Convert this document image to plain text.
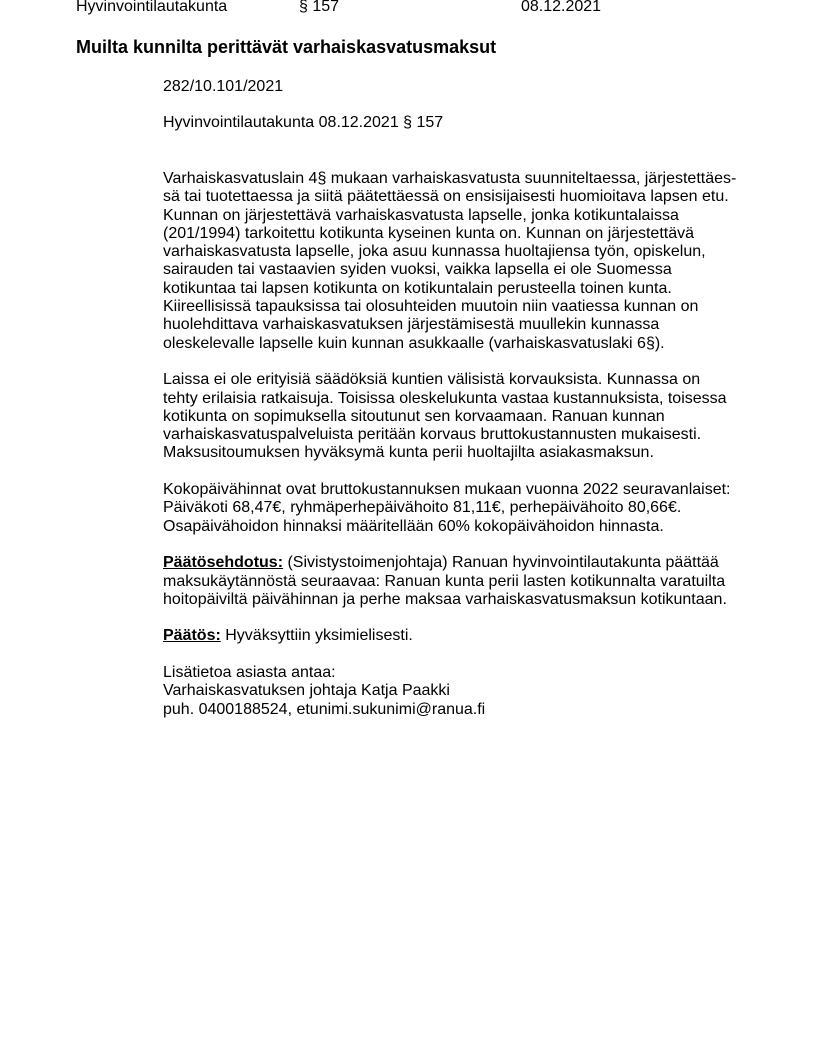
Hyvinvointilautakunta	§ 157	08.12.2021
Muilta kunnilta perittävät varhaiskasvatusmaksut
282/10.101/2021
Hyvinvointilautakunta 08.12.2021 § 157

Varhaiskasvatuslain 4§ mukaan varhaiskasvatusta suunniteltaessa, järjestettäes-
sä tai tuotettaessa ja siitä päätettäessä on ensisijaisesti huomioitava lapsen etu.
Kunnan on järjestettävä varhaiskasvatusta lapselle, jonka kotikuntalaissa
(201/1994) tarkoitettu kotikunta kyseinen kunta on. Kunnan on järjestettävä
varhaiskasvatusta lapselle, joka asuu kunnassa huoltajiensa työn, opiskelun,
sairauden tai vastaavien syiden vuoksi, vaikka lapsella ei ole Suomessa
kotikuntaa tai lapsen kotikunta on kotikuntalain perusteella toinen kunta.
Kiireellisissä tapauksissa tai olosuhteiden muutoin niin vaatiessa kunnan on
huolehdittava varhaiskasvatuksen järjestämisestä muullekin kunnassa
oleskelevalle lapselle kuin kunnan asukkaalle (varhaiskasvatuslaki 6§).

Laissa ei ole erityisiä säädöksiä kuntien välisistä korvauksista. Kunnassa on
tehty erilaisia ratkaisuja. Toisissa oleskelukunta vastaa kustannuksista, toisessa
kotikunta on sopimuksella sitoutunut sen korvaamaan. Ranuan kunnan
varhaiskasvatuspalveluista peritään korvaus bruttokustannusten mukaisesti.
Maksusitoumuksen hyväksymä kunta perii huoltajilta asiakasmaksun.

Kokopäivähinnat ovat bruttokustannuksen mukaan vuonna 2022 seuravanlaiset:
Päiväkoti 68,47€, ryhmäperhepäivähoito 81,11€, perhepäivähoito 80,66€.
Osapäivähoidon hinnaksi määritellään 60% kokopäivähoidon hinnasta.

Päätösehdotus: (Sivistystoimenjohtaja) Ranuan hyvinvointilautakunta päättää
maksukäytännöstä seuraavaa: Ranuan kunta perii lasten kotikunnalta varatuilta
hoitopäiviltä päivähinnan ja perhe maksaa varhaiskasvatusmaksun kotikuntaan.

Päätös: Hyväksyttiin yksimielisesti.

Lisätietoa asiasta antaa:
Varhaiskasvatuksen johtaja Katja Paakki
puh. 0400188524, etunimi.sukunimi@ranua.fi
